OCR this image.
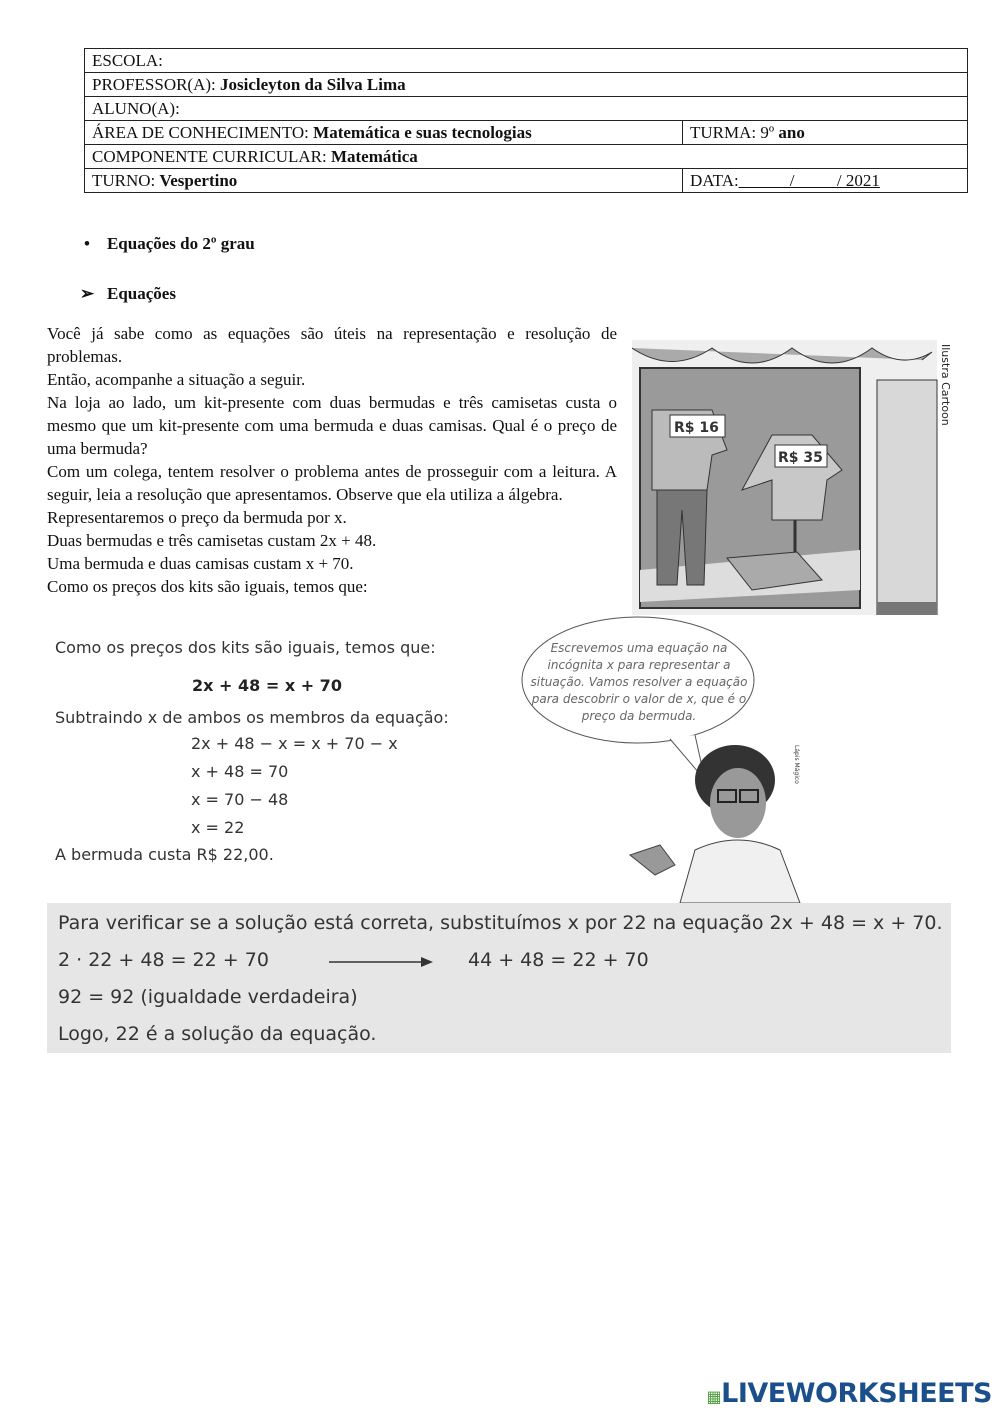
ESCOLA:	
PROFESSOR(A): Josicleyton da Silva Lima	
ALUNO(A):	
ÁREA DE CONHECIMENTO: Matemática e suas tecnologias	TURMA: 9º ano
COMPONENTE CURRICULAR: Matemática	
TURNO: Vespertino	DATA:______/_____/ 2021
•    Equações do 2º grau
➢   Equações
Você já sabe como as equações são úteis na representação e resolução de problemas.
Então, acompanhe a situação a seguir.
Na loja ao lado, um kit-presente com duas bermudas e três camisetas custa o mesmo que um kit-presente com uma bermuda e duas camisas. Qual é o preço de uma bermuda?
Com um colega, tentem resolver o problema antes de prosseguir com a leitura. A seguir, leia a resolução que apresentamos. Observe que ela utiliza a álgebra.
Representaremos o preço da bermuda por x.
Duas bermudas e três camisetas custam 2x + 48.
Uma bermuda e duas camisas custam x + 70.
Como os preços dos kits são iguais, temos que:
R$ 16
R$ 35
Ilustra Cartoon
Escrevemos uma equação na incógnita x para representar a situação. Vamos resolver a equação para descobrir o valor de x, que é o preço da bermuda.
Lápis Mágico
Como os preços dos kits são iguais, temos que:
2x + 48 = x + 70
Subtraindo x de ambos os membros da equação:
2x + 48 − x = x + 70 − x
x + 48 = 70
x = 70 − 48
x = 22
A bermuda custa R$ 22,00.
Para verificar se a solução está correta, substituímos x por 22 na equação 2x + 48 = x + 70.
2 · 22 + 48 = 22 + 70	44 + 48 = 22 + 70
92 = 92 (igualdade verdadeira)
Logo, 22 é a solução da equação.
▦LIVEWORKSHEETS
